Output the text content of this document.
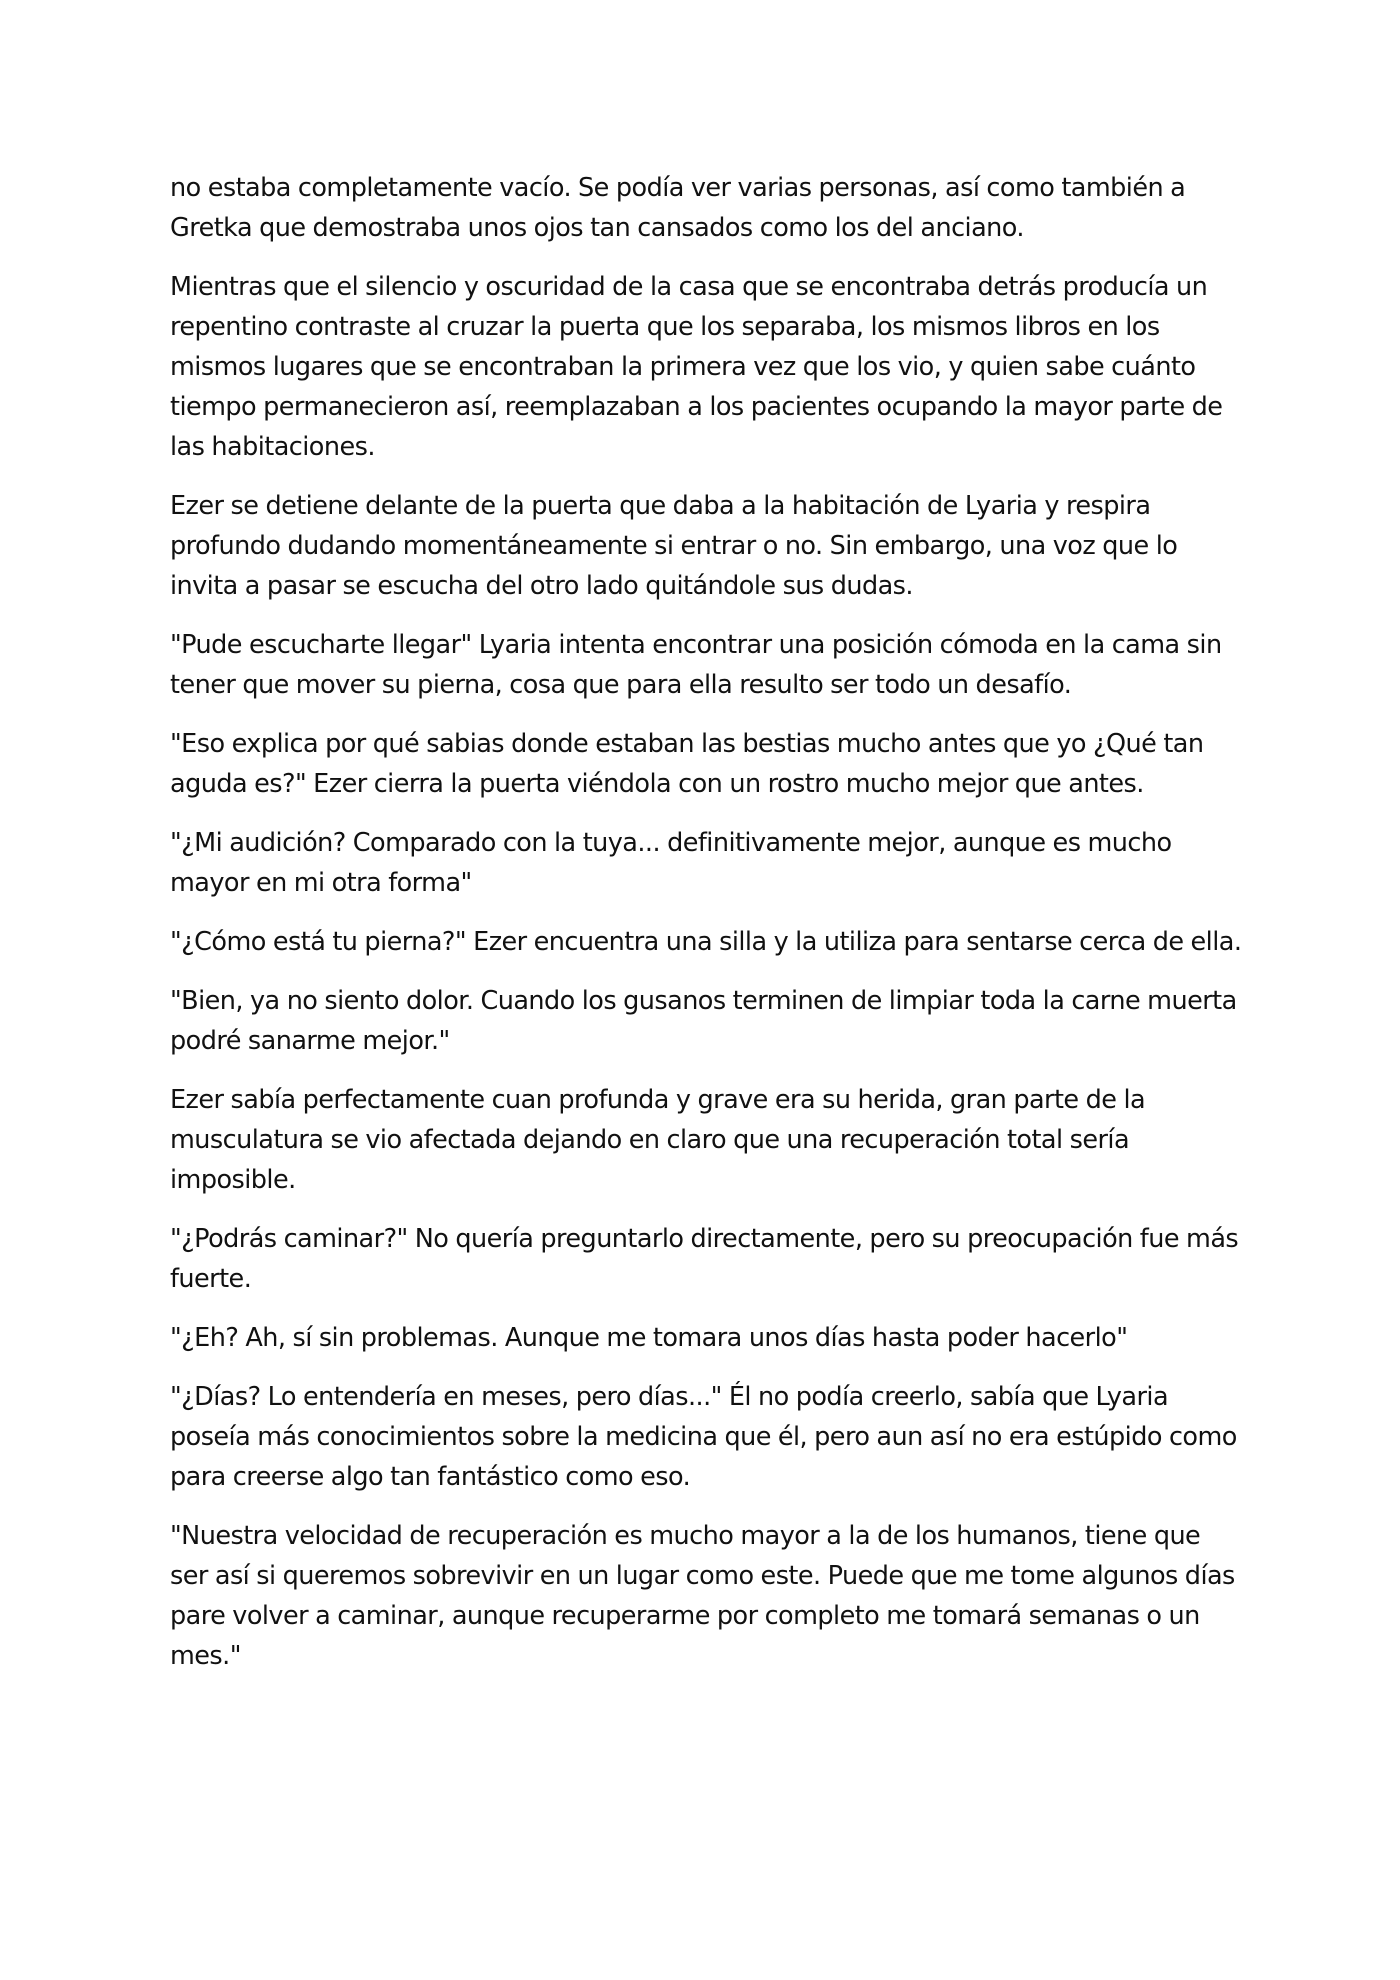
no estaba completamente vacío. Se podía ver varias personas, así como también a Gretka que demostraba unos ojos tan cansados como los del anciano.

Mientras que el silencio y oscuridad de la casa que se encontraba detrás producía un repentino contraste al cruzar la puerta que los separaba, los mismos libros en los mismos lugares que se encontraban la primera vez que los vio, y quien sabe cuánto tiempo permanecieron así, reemplazaban a los pacientes ocupando la mayor parte de las habitaciones.

Ezer se detiene delante de la puerta que daba a la habitación de Lyaria y respira profundo dudando momentáneamente si entrar o no. Sin embargo, una voz que lo invita a pasar se escucha del otro lado quitándole sus dudas.

"Pude escucharte llegar" Lyaria intenta encontrar una posición cómoda en la cama sin tener que mover su pierna, cosa que para ella resulto ser todo un desafío.

"Eso explica por qué sabias donde estaban las bestias mucho antes que yo ¿Qué tan aguda es?" Ezer cierra la puerta viéndola con un rostro mucho mejor que antes.

"¿Mi audición? Comparado con la tuya... definitivamente mejor, aunque es mucho mayor en mi otra forma"

"¿Cómo está tu pierna?" Ezer encuentra una silla y la utiliza para sentarse cerca de ella.

"Bien, ya no siento dolor. Cuando los gusanos terminen de limpiar toda la carne muerta podré sanarme mejor."

Ezer sabía perfectamente cuan profunda y grave era su herida, gran parte de la musculatura se vio afectada dejando en claro que una recuperación total sería imposible.

"¿Podrás caminar?" No quería preguntarlo directamente, pero su preocupación fue más fuerte.

"¿Eh? Ah, sí sin problemas. Aunque me tomara unos días hasta poder hacerlo"

"¿Días? Lo entendería en meses, pero días..." Él no podía creerlo, sabía que Lyaria poseía más conocimientos sobre la medicina que él, pero aun así no era estúpido como para creerse algo tan fantástico como eso.

"Nuestra velocidad de recuperación es mucho mayor a la de los humanos, tiene que ser así si queremos sobrevivir en un lugar como este. Puede que me tome algunos días pare volver a caminar, aunque recuperarme por completo me tomará semanas o un mes."
